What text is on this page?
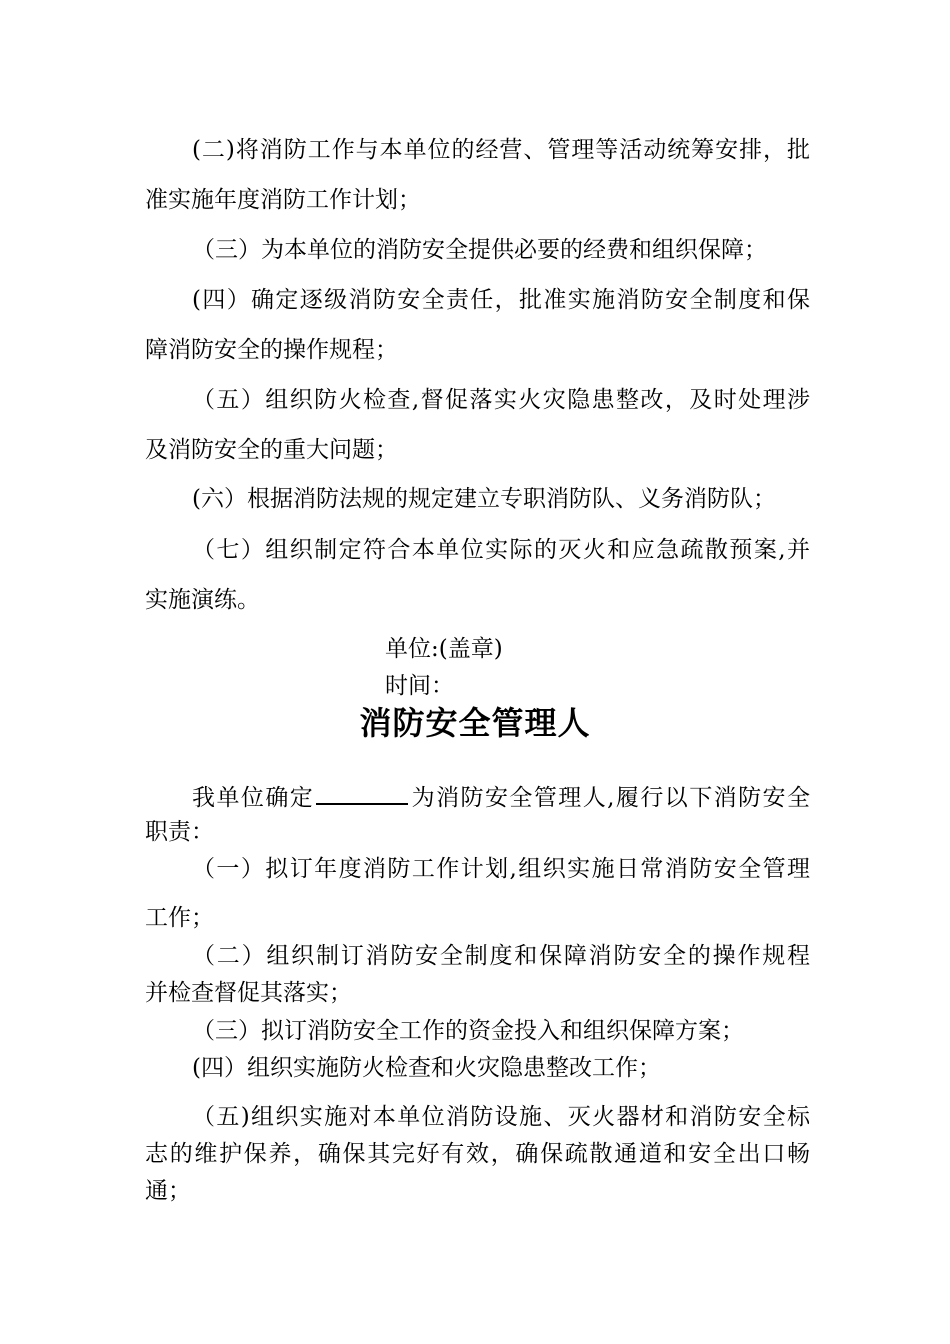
(二)将消防工作与本单位的经营、管理等活动统筹安排，批
准实施年度消防工作计划；
（三）为本单位的消防安全提供必要的经费和组织保障；
(四）确定逐级消防安全责任，批准实施消防安全制度和保
障消防安全的操作规程；
（五）组织防火检查,督促落实火灾隐患整改，及时处理涉
及消防安全的重大问题；
(六）根据消防法规的规定建立专职消防队、义务消防队；
（七）组织制定符合本单位实际的灭火和应急疏散预案,并
实施演练。
单位:(盖章)
时间：
消防安全管理人
我单位确定	为消防安全管理人,履行以下消防安全
职责：
（一）拟订年度消防工作计划,组织实施日常消防安全管理
工作；
（二）组织制订消防安全制度和保障消防安全的操作规程
并检查督促其落实；
（三）拟订消防安全工作的资金投入和组织保障方案；
(四）组织实施防火检查和火灾隐患整改工作；
（五)组织实施对本单位消防设施、灭火器材和消防安全标
志的维护保养，确保其完好有效，确保疏散通道和安全出口畅
通；
